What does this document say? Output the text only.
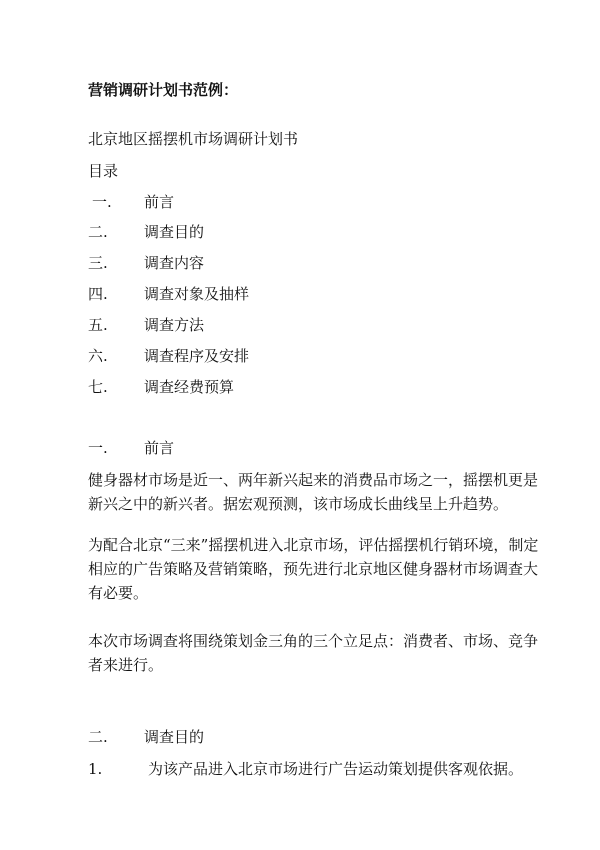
营销调研计划书范例：
北京地区摇摆机市场调研计划书
目录
一. 前言
二. 调查目的
三. 调查内容
四. 调查对象及抽样
五. 调查方法
六. 调查程序及安排
七. 调查经费预算
一. 前言
健身器材市场是近一、两年新兴起来的消费品市场之一，摇摆机更是
新兴之中的新兴者。据宏观预测，该市场成长曲线呈上升趋势。
为配合北京“三来”摇摆机进入北京市场，评估摇摆机行销环境，制定
相应的广告策略及营销策略，预先进行北京地区健身器材市场调查大
有必要。
本次市场调查将围绕策划金三角的三个立足点：消费者、市场、竞争
者来进行。
二. 调查目的
1.	为该产品进入北京市场进行广告运动策划提供客观依据。
